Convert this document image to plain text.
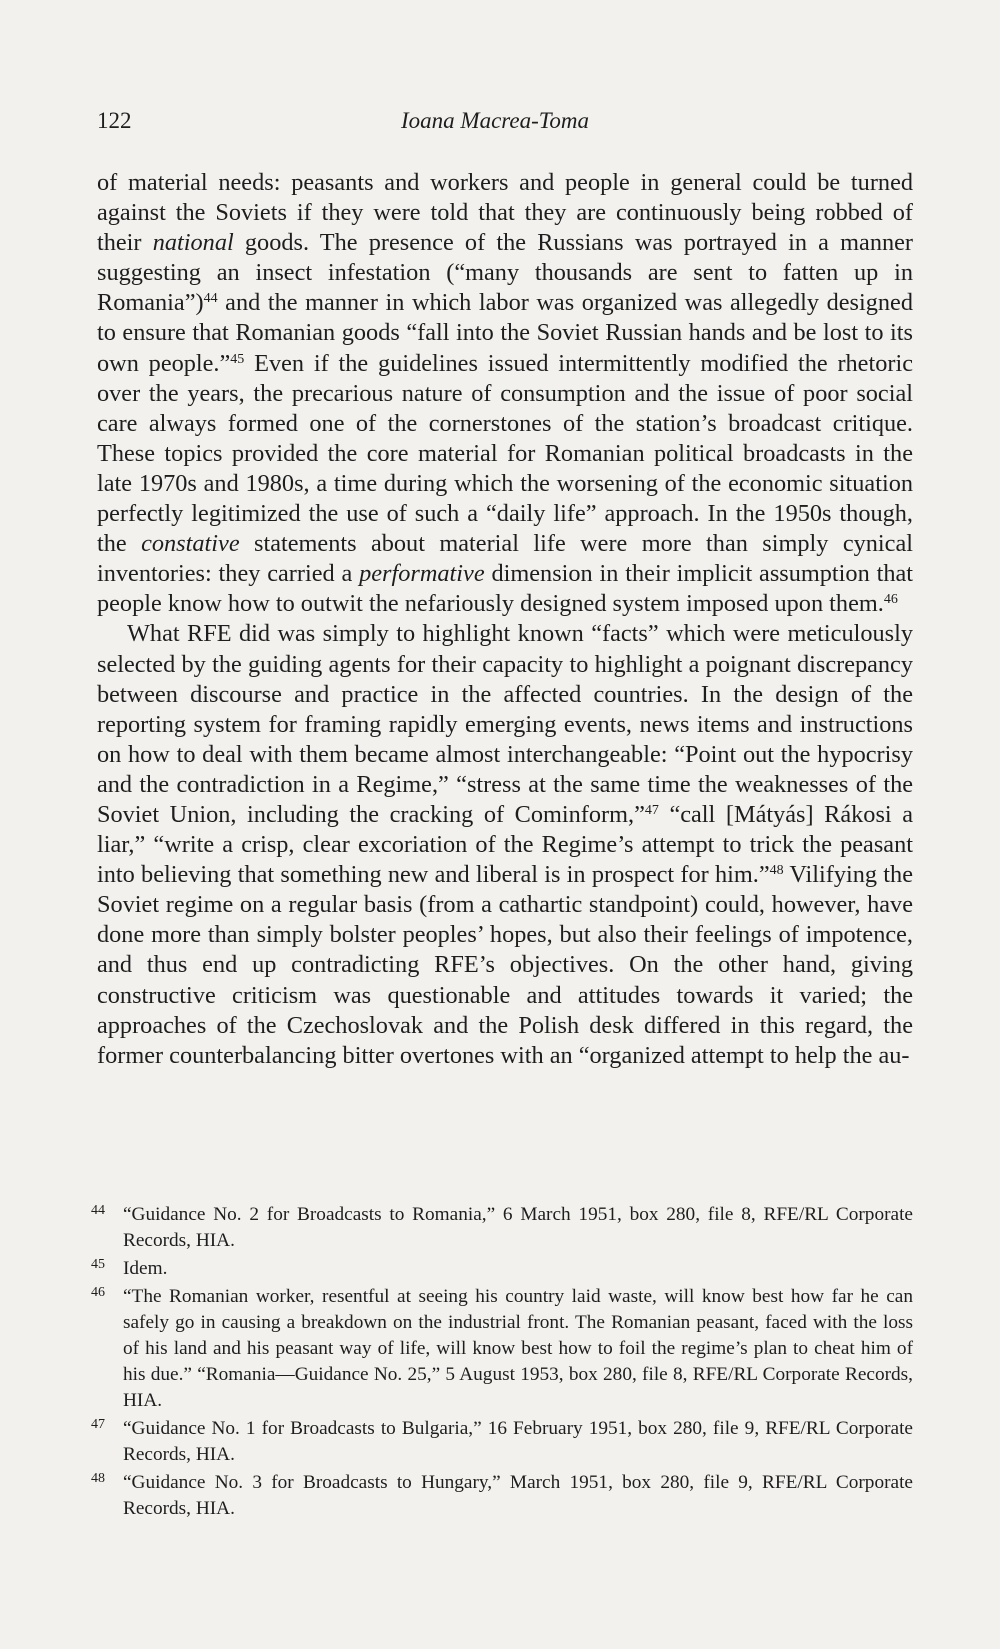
122	Ioana Macrea-Toma

of material needs: peasants and workers and people in general could be turned against the Soviets if they were told that they are continuously being robbed of their national goods. The presence of the Russians was portrayed in a manner suggesting an insect infestation (“many thousands are sent to fatten up in Romania”)$^{44}$ and the manner in which labor was organized was allegedly designed to ensure that Romanian goods “fall into the Soviet Russian hands and be lost to its own people.”$^{45}$ Even if the guidelines issued intermittently modified the rhetoric over the years, the precarious nature of consumption and the issue of poor social care always formed one of the cornerstones of the station’s broadcast critique. These topics provided the core material for Romanian political broadcasts in the late 1970s and 1980s, a time during which the worsening of the economic situation perfectly legitimized the use of such a “daily life” approach. In the 1950s though, the constative statements about material life were more than simply cynical inventories: they carried a performative dimension in their implicit assumption that people know how to outwit the nefariously designed system imposed upon them.$^{46}$

What RFE did was simply to highlight known “facts” which were meticulously selected by the guiding agents for their capacity to highlight a poignant discrepancy between discourse and practice in the affected countries. In the design of the reporting system for framing rapidly emerging events, news items and instructions on how to deal with them became almost interchangeable: “Point out the hypocrisy and the contradiction in a Regime,” “stress at the same time the weaknesses of the Soviet Union, including the cracking of Cominform,”$^{47}$ “call [Mátyás] Rákosi a liar,” “write a crisp, clear excoriation of the Regime’s attempt to trick the peasant into believing that something new and liberal is in prospect for him.”$^{48}$ Vilifying the Soviet regime on a regular basis (from a cathartic standpoint) could, however, have done more than simply bolster peoples’ hopes, but also their feelings of impotence, and thus end up contradicting RFE’s objectives. On the other hand, giving constructive criticism was questionable and attitudes towards it varied; the approaches of the Czechoslovak and the Polish desk differed in this regard, the former counterbalancing bitter overtones with an “organized attempt to help the au-

44 “Guidance No. 2 for Broadcasts to Romania,” 6 March 1951, box 280, file 8, RFE/RL Corporate Records, HIA.
45 Idem.
46 “The Romanian worker, resentful at seeing his country laid waste, will know best how far he can safely go in causing a breakdown on the industrial front. The Romanian peasant, faced with the loss of his land and his peasant way of life, will know best how to foil the regime’s plan to cheat him of his due.” “Romania—Guidance No. 25,” 5 August 1953, box 280, file 8, RFE/RL Corporate Records, HIA.
47 “Guidance No. 1 for Broadcasts to Bulgaria,” 16 February 1951, box 280, file 9, RFE/RL Corporate Records, HIA.
48 “Guidance No. 3 for Broadcasts to Hungary,” March 1951, box 280, file 9, RFE/RL Corporate Records, HIA.
